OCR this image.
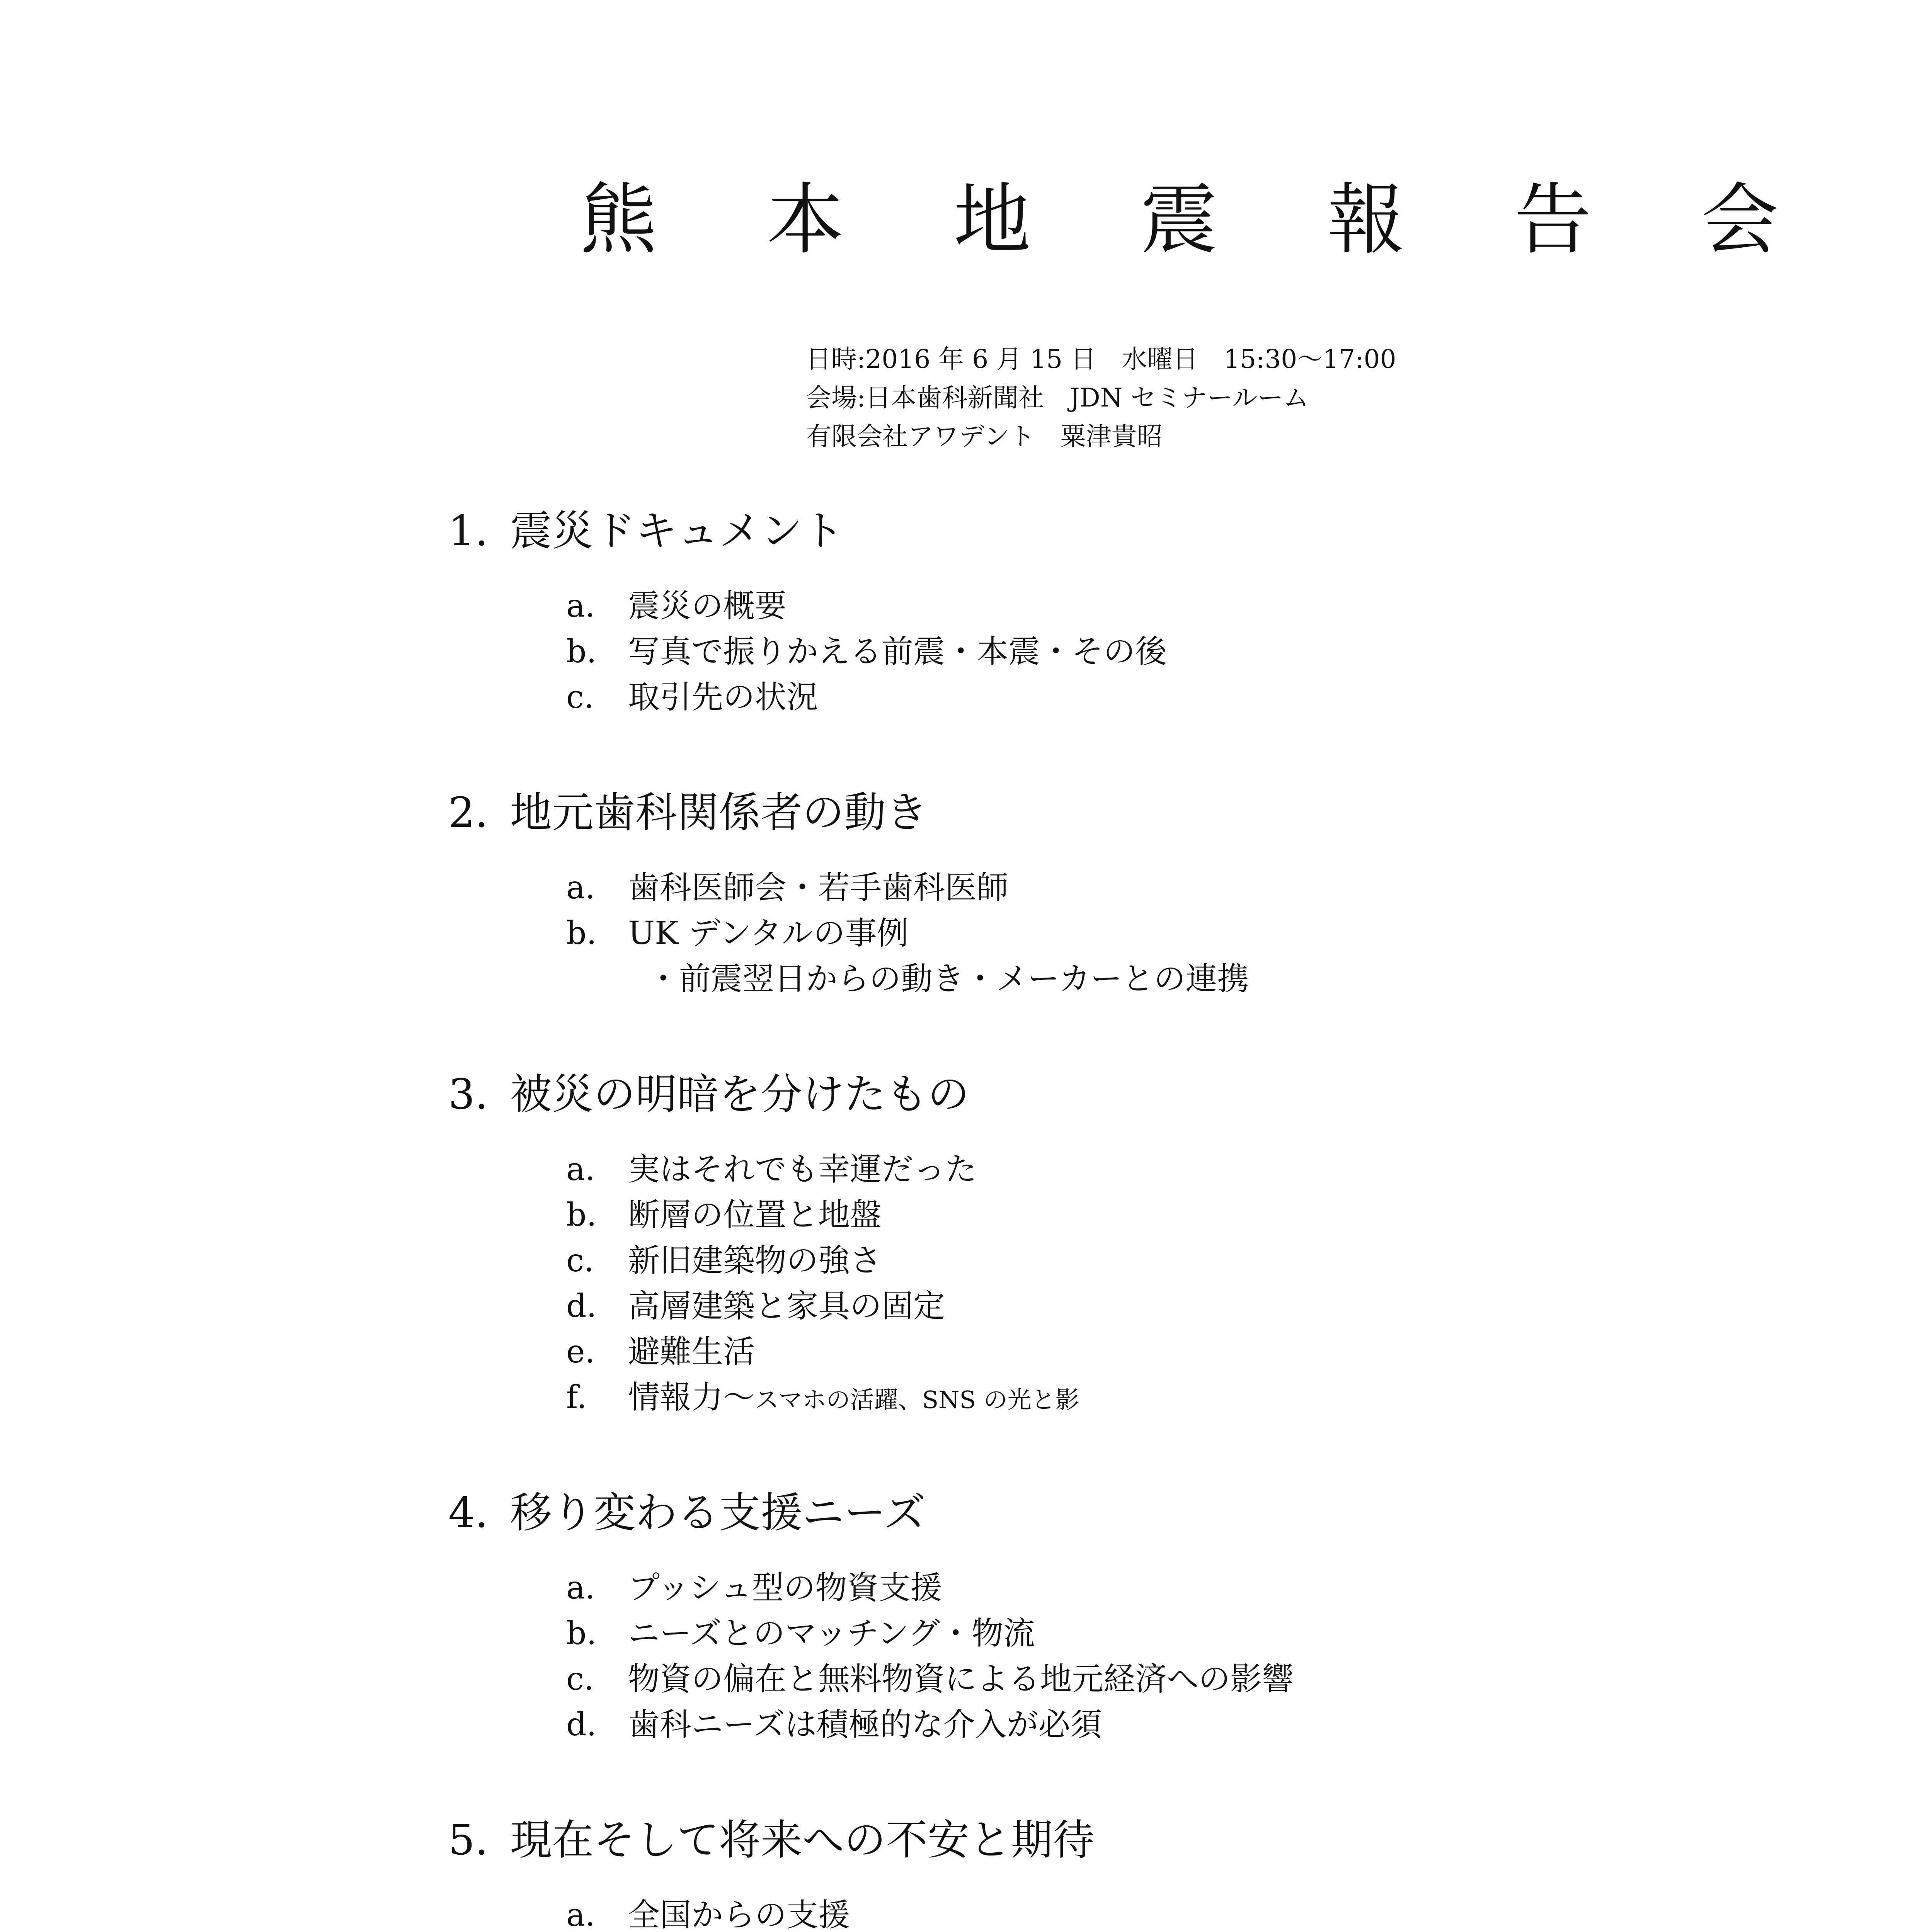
熊 本 地 震 報 告 会
日時:2016 年 6 月 15 日　水曜日　15:30〜17:00
会場:日本歯科新聞社　JDN セミナールーム
有限会社アワデント　粟津貴昭
1. 震災ドキュメント
a.	震災の概要
b. 写真で振りかえる前震・本震・その後
c.	取引先の状況
2. 地元歯科関係者の動き
a.	歯科医師会・若手歯科医師
b. UK デンタルの事例
・前震翌日からの動き・メーカーとの連携
3. 被災の明暗を分けたもの
a.	実はそれでも幸運だった
b. 断層の位置と地盤
c.	新旧建築物の強さ
d. 高層建築と家具の固定
e.	避難生活
f.	情報力〜 スマホの活躍、SNS の光と影
4. 移り変わる支援ニーズ
a.	プッシュ型の物資支援
b. ニーズとのマッチング・物流
c.	物資の偏在と無料物資による地元経済への影響
d. 歯科ニーズは積極的な介入が必須
5. 現在そして将来への不安と期待
a.	全国からの支援
